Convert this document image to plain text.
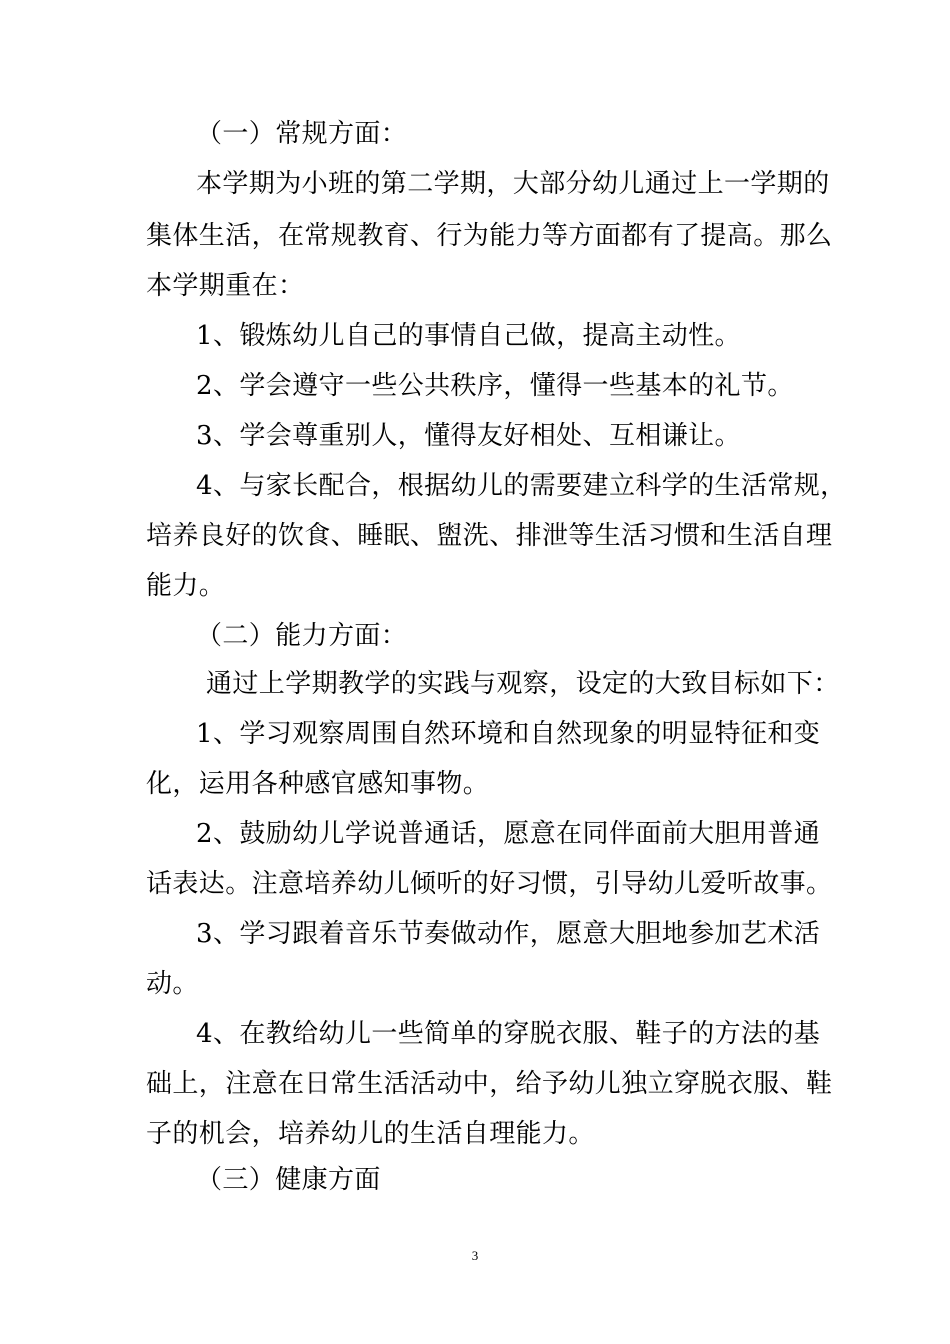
（一）常规方面：
本学期为小班的第二学期，大部分幼儿通过上一学期的
集体生活，在常规教育、行为能力等方面都有了提高。那么
本学期重在：
1、锻炼幼儿自己的事情自己做，提高主动性。
2、学会遵守一些公共秩序，懂得一些基本的礼节。
3、学会尊重别人，懂得友好相处、互相谦让。
4、与家长配合，根据幼儿的需要建立科学的生活常规，
培养良好的饮食、睡眠、盥洗、排泄等生活习惯和生活自理
能力。
（二）能力方面：
通过上学期教学的实践与观察，设定的大致目标如下：
1、学习观察周围自然环境和自然现象的明显特征和变
化，运用各种感官感知事物。
2、鼓励幼儿学说普通话，愿意在同伴面前大胆用普通
话表达。注意培养幼儿倾听的好习惯，引导幼儿爱听故事。
3、学习跟着音乐节奏做动作，愿意大胆地参加艺术活
动。
4、在教给幼儿一些简单的穿脱衣服、鞋子的方法的基
础上，注意在日常生活活动中，给予幼儿独立穿脱衣服、鞋
子的机会，培养幼儿的生活自理能力。
（三）健康方面
3
